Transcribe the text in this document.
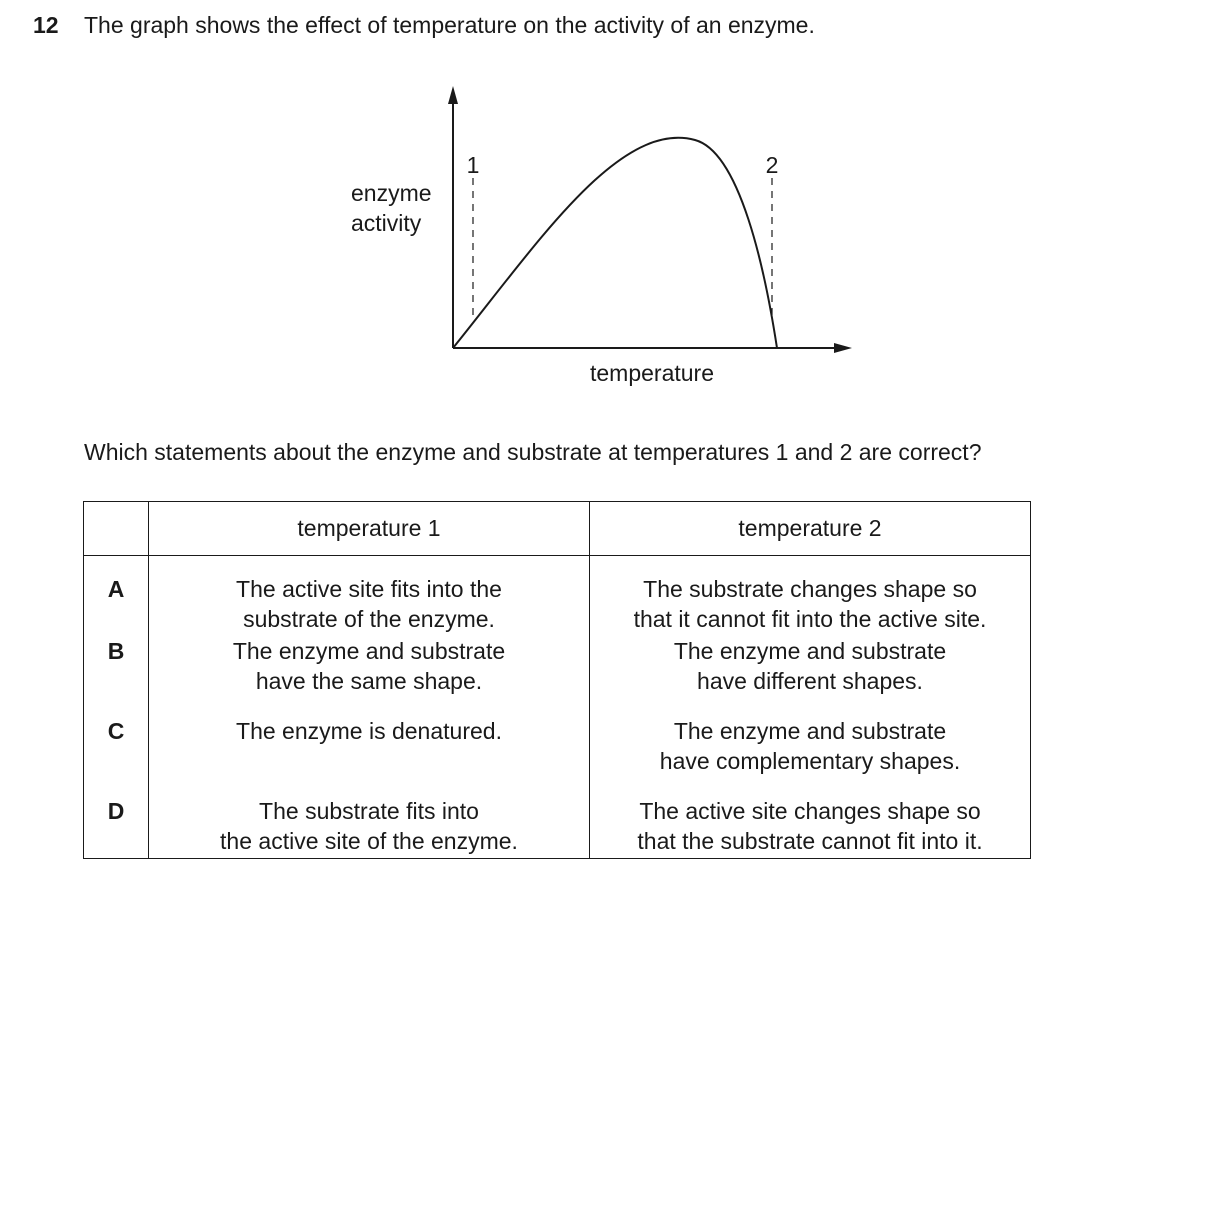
12 The graph shows the effect of temperature on the activity of an enzyme.
1	2
enzyme
activity
temperature
Which statements about the enzyme and substrate at temperatures 1 and 2 are correct?
	temperature 1	temperature 2

A	The active site fits into the
substrate of the enzyme.	The substrate changes shape so
that it cannot fit into the active site.

B	The enzyme and substrate
have the same shape.	The enzyme and substrate
have different shapes.

C	The enzyme is denatured.	The enzyme and substrate
have complementary shapes.

D	The substrate fits into
the active site of the enzyme.	The active site changes shape so
that the substrate cannot fit into it.
